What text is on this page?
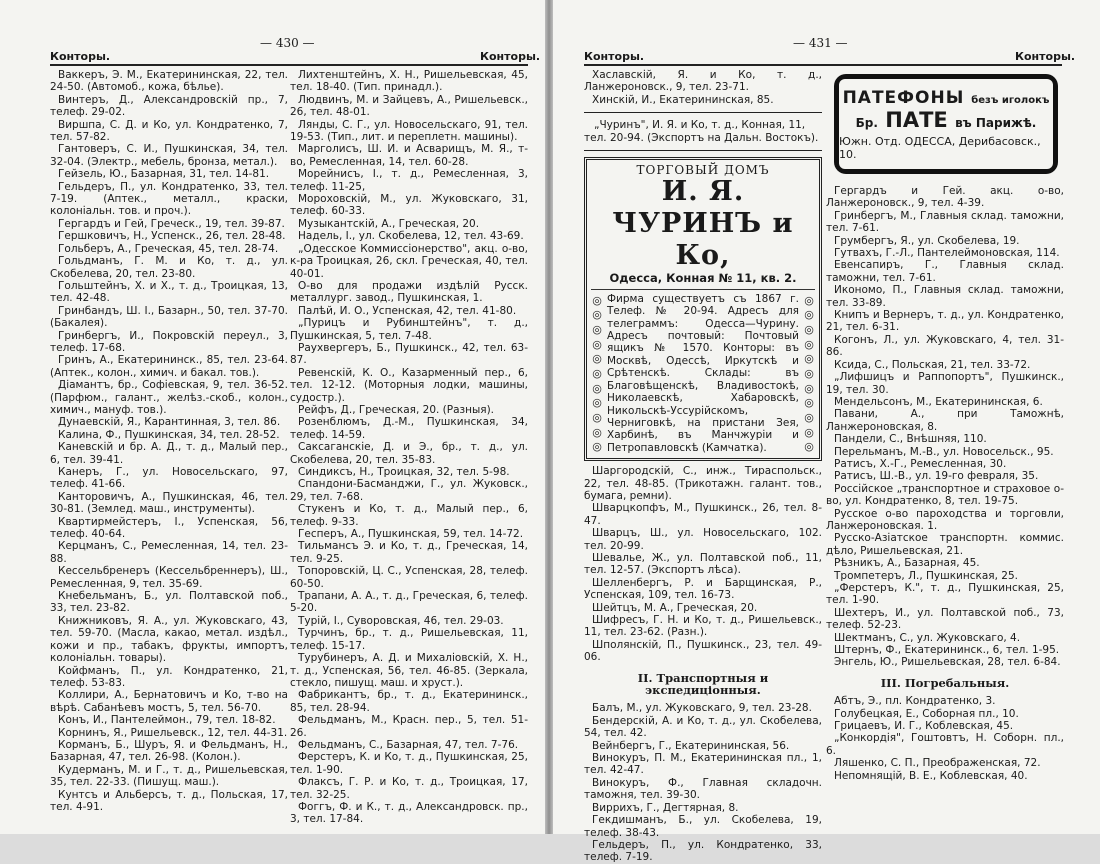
Конторы.
— 430 —
Конторы.

Ваккеръ, Э. М., Екатерининская, 22, тел. 24-50. (Автомоб., кожа, бѣлье).

Винтеръ, Д., Александровскій пр., 7, телеф. 29-02.

Виршпа, С. Д. и Ко, ул. Кондратенко, 7, тел. 57-82.

Гантоверъ, С. И., Пушкинская, 34, тел. 32-04. (Электр., мебель, бронза, метал.).

Гейзель, Ю., Базарная, 31, тел. 14-81.

Гельдеръ, П., ул. Кондратенко, 33, тел. 7-19. (Аптек., металл., краски, колоніальн. тов. и проч.).

Гергардъ и Гей, Греческ., 19, тел. 39-87.

Гершковичъ, Н., Успенск., 26, тел. 28-48.

Гольберъ, А., Греческая, 45, тел. 28-74.

Гольдманъ, Г. М. и Ко, т. д., ул. Скобелева, 20, тел. 23-80.

Гольштейнъ, Х. и Х., т. д., Троицкая, 13, тел. 42-48.

Гринбандъ, Ш. І., Базарн., 50, тел. 37-70. (Бакалея).

Гринбергъ, И., Покровскій переул., 3, телеф. 17-68.

Гринъ, А., Екатерининск., 85, тел. 23-64. (Аптек., колон., химич. и бакал. тов.).

Діамантъ, бр., Софіевская, 9, тел. 36-52. (Парфюм., галант., желѣз.-скоб., колон., химич., мануф. тов.).

Дунаевскій, Я., Карантинная, 3, тел. 86.

Калина, Ф., Пушкинская, 34, тел. 28-52.

Каневскій и бр. А. Д., т. д., Малый пер., 6, тел. 39-41.

Канеръ, Г., ул. Новосельскаго, 97, телеф. 41-66.

Канторовичъ, А., Пушкинская, 46, тел. 30-81. (Землед. маш., инструменты).

Квартирмейстеръ, І., Успенская, 56, телеф. 40-64.

Керцманъ, С., Ремесленная, 14, тел. 23-88.

Кессельбренеръ (Кессельбреннеръ), Ш., Ремесленная, 9, тел. 35-69.

Кнебельманъ, Б., ул. Полтавской поб., 33, тел. 23-82.

Книжниковъ, Я. А., ул. Жуковскаго, 43, тел. 59-70. (Масла, какао, метал. издѣл., кожи и пр., табакъ, фрукты, импортъ, колоніальн. товары).

Койфманъ, П., ул. Кондратенко, 21, телеф. 53-83.

Коллири, А., Бернатовичъ и Ко, т-во на вѣрѣ. Сабанѣевъ мостъ, 5, тел. 56-70.

Конъ, И., Пантелеймон., 79, тел. 18-82.

Корнинъ, Я., Ришельевск., 12, тел. 44-31.

Корманъ, Б., Шуръ, Я. и Фельдманъ, Н., Базарная, 47, тел. 26-98. (Колон.).

Кудерманъ, М. и Г., т. д., Ришельевская, 35, тел. 22-33. (Пишущ. маш.).

Кунтсъ и Альберсъ, т. д., Польская, 17, тел. 4-91.

Лихтенштейнъ, Х. Н., Ришельевская, 45, тел. 18-40. (Тип. принадл.).

Людвинъ, М. и Зайцевъ, А., Ришельевск., 26, тел. 48-01.

Лянды, С. Г., ул. Новосельскаго, 91, тел. 19-53. (Тип., лит. и переплетн. машины).

Марголисъ, Ш. И. и Асварищъ, М. Я., т-во, Ремесленная, 14, тел. 60-28.

Морейнисъ, І., т. д., Ремесленная, 3, телеф. 11-25,

Мороховскій, М., ул. Жуковскаго, 31, телеф. 60-33.

Музыкантскій, А., Греческая, 20.

Надель, І., ул. Скобелева, 12, тел. 43-69.

„Одесское Коммиссіонерство", акц. о-во, к-ра Троицкая, 26, скл. Греческая, 40, тел. 40-01.

О-во для продажи издѣлій Русск. металлург. завод., Пушкинская, 1.

Палѣй, И. О., Успенская, 42, тел. 41-80.

„Пурицъ и Рубинштейнъ", т. д., Пушкинская, 5, тел. 7-48.

Раухвергеръ, Б., Пушкинск., 42, тел. 63-87.

Ревенскій, К. О., Казарменный пер., 6, тел. 12-12. (Моторныя лодки, машины, судостр.).

Рейфъ, Д., Греческая, 20. (Разныя).

Розенблюмъ, Д.-М., Пушкинская, 34, телеф. 14-59.

Саксаганскіе, Д. и Э., бр., т. д., ул. Скобелева, 20, тел. 35-83.

Синдиксъ, Н., Троицкая, 32, тел. 5-98.

Спандони-Басманджи, Г., ул. Жуковск., 29, тел. 7-68.

Стукенъ и Ко, т. д., Малый пер., 6, телеф. 9-33.

Гесперъ, А., Пушкинская, 59, тел. 14-72.

Тильмансъ Э. и Ко, т. д., Греческая, 14, тел. 9-25.

Топоровскій, Ц. С., Успенская, 28, телеф. 60-50.

Трапани, А. А., т. д., Греческая, 6, телеф. 5-20.

Турій, І., Суворовская, 46, тел. 29-03.

Турчинъ, бр., т. д., Ришельевская, 11, телеф. 15-17.

Турубинеръ, А. Д. и Михаліовскій, Х. Н., т. д., Успенская, 56, тел. 46-85. (Зеркала, стекло, пишущ. маш. и хруст.).

Фабрикантъ, бр., т. д., Екатерининск., 85, тел. 28-94.

Фельдманъ, М., Красн. пер., 5, тел. 51-26.

Фельдманъ, С., Базарная, 47, тел. 7-76.

Ферстеръ, К. и Ко, т. д., Пушкинская, 25, тел. 1-90.

Флаксъ, Г. Р. и Ко, т. д., Троицкая, 17, тел. 32-25.

Фоггъ, Ф. и К., т. д., Александровск. пр., 3, тел. 17-84.

Конторы.
— 431 —
Конторы.

Хаславскій, Я. и Ко, т. д., Ланжероновск., 9, тел. 23-71.

Хинскій, И., Екатерининская, 85.

„Чуринъ", И. Я. и Ко, т. д., Конная, 11, тел. 20-94. (Экспортъ на Дальн. Востокъ).

ТОРГОВЫЙ ДОМЪ
И. Я. ЧУРИНЪ и Ко,
Одесса, Конная № 11, кв. 2.
◎
◎
◎
◎
◎
◎
◎
◎
◎
◎
◎
Фирма существуетъ съ 1867 г. Телеф. № 20-94. Адресъ для телеграммъ: Одесса—Чурину. Адресъ почтовый: Почтовый ящикъ № 1570. Конторы: въ Москвѣ, Одессѣ, Иркутскѣ и Срѣтенскѣ. Склады: въ Благовѣщенскѣ, Владивостокѣ, Николаевскѣ, Хабаровскѣ, Никольскѣ-Уссурійскомъ, Черниговкѣ, на пристани Зея, Харбинѣ, въ Манчжуріи и Петропавловскѣ (Камчатка).
◎
◎
◎
◎
◎
◎
◎
◎
◎
◎
◎

Шаргородскій, С., инж., Тираспольск., 22, тел. 48-85. (Трикотажн. галант. тов., бумага, ремни).

Шварцкопфъ, М., Пушкинск., 26, тел. 8-47.

Шварцъ, Ш., ул. Новосельскаго, 102. тел. 20-99.

Шевалье, Ж., ул. Полтавской поб., 11, тел. 12-57. (Экспортъ лѣса).

Шелленбергъ, Р. и Барщинская, Р., Успенская, 109, тел. 16-73.

Шейтцъ, М. А., Греческая, 20.

Шифресъ, Г. Н. и Ко, т. д., Ришельевск., 11, тел. 23-62. (Разн.).

Шполянскій, П., Пушкинск., 23, тел. 49-06.

II. Транспортныя и экспедиціонныя.

Балъ, М., ул. Жуковскаго, 9, тел. 23-28.

Бендерскій, А. и Ко, т. д., ул. Скобелева, 54, тел. 42.

Вейнбергъ, Г., Екатерининская, 56.

Винокуръ, П. М., Екатерининская пл., 1, тел. 42-47.

Винокуръ, Ф., Главная складочн. таможня, тел. 39-30.

Виррихъ, Г., Дегтярная, 8.

Гекдишманъ, Б., ул. Скобелева, 19, телеф. 38-43.

Гельдеръ, П., ул. Кондратенко, 33, телеф. 7-19.

ПАТЕФОНЫ безъ иголокъ
Бр. ПАТЕ въ Парижѣ.
Южн. Отд. ОДЕССА, Дерибасовск., 10.

Гергардъ и Гей. акц. о-во, Ланжероновск., 9, тел. 4-39.

Гринбергъ, М., Главныя склад. таможни, тел. 7-61.

Грумбергъ, Я., ул. Скобелева, 19.

Гутвахъ, Г.-Л., Пантелеймоновская, 114.

Евенсапиръ, Г., Главныя склад. таможни, тел. 7-61.

Икономо, П., Главныя склад. таможни, тел. 33-89.

Книпъ и Вернеръ, т. д., ул. Кондратенко, 21, тел. 6-31.

Когонъ, Л., ул. Жуковскаго, 4, тел. 31-86.

Ксида, С., Польская, 21, тел. 33-72.

„Лифшицъ и Раппопортъ", Пушкинск., 19, тел. 30.

Мендельсонъ, М., Екатерининская, 6.

Павани, А., при Таможнѣ, Ланжероновская, 8.

Пандели, С., Внѣшняя, 110.

Перельманъ, М.-В., ул. Новосельск., 95.

Ратисъ, Х.-Г., Ремесленная, 30.

Ратисъ, Ш.-В., ул. 19-го февраля, 35.

Россійское „транспортное и страховое о-во, ул. Кондратенко, 8, тел. 19-75.

Русское о-во пароходства и торговли, Ланжероновская. 1.

Русско-Азіатское транспортн. коммис. дѣло, Ришельевская, 21.

Рѣзникъ, А., Базарная, 45.

Тромпетеръ, Л., Пушкинская, 25.

„Ферстеръ, К.", т. д., Пушкинская, 25, тел. 1-90.

Шехтеръ, И., ул. Полтавской поб., 73, телеф. 52-23.

Шектманъ, С., ул. Жуковскаго, 4.

Штернъ, Ф., Екатерининск., 6, тел. 1-95.

Энгель, Ю., Ришельевская, 28, тел. 6-84.

III. Погребальныя.

Абтъ, Э., пл. Кондратенко, 3.

Голубецкая, Е., Соборная пл., 10.

Грицаевъ, И. Г., Коблевская, 45.

„Конкордія", Гоштовтъ, Н. Соборн. пл., 6.

Ляшенко, С. П., Преображенская, 72.

Непомнящій, В. Е., Коблевская, 40.
